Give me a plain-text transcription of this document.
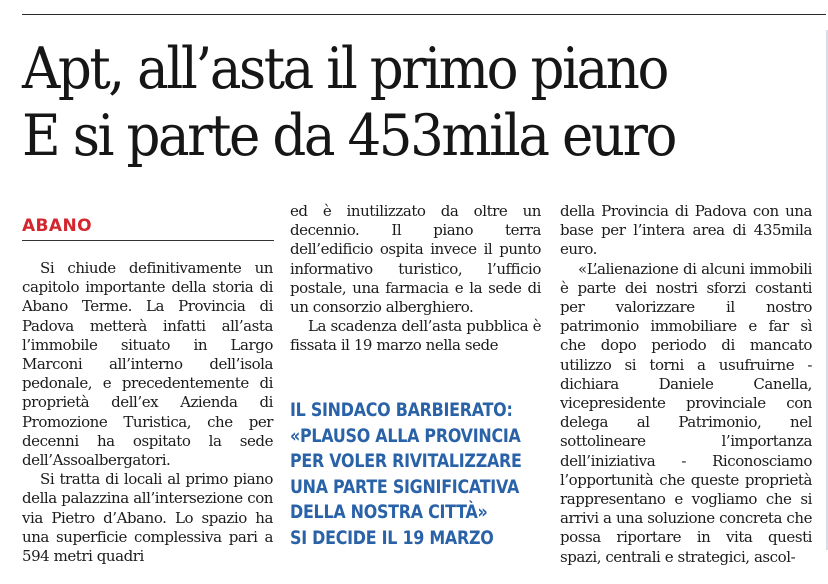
Apt, all’asta il primo piano
E si parte da 453mila euro
ABANO

Si chiude definitivamente un capitolo importante della storia di Abano Terme. La Provincia di Padova metterà infatti all’asta l’immobile situato in Largo Marconi all’interno dell’isola pedonale, e precedentemente di proprietà dell’ex Azienda di Promozione Turistica, che per decenni ha ospitato la sede dell’Assoalbergatori.

Si tratta di locali al primo piano della palazzina all’intersezione con via Pietro d’Abano. Lo spazio ha una superficie complessiva pari a 594 metri quadri

ed è inutilizzato da oltre un decennio. Il piano terra dell’edificio ospita invece il punto informativo turistico, l’ufficio postale, una farmacia e la sede di un consorzio alberghiero.

La scadenza dell’asta pubblica è fissata il 19 marzo nella sede

IL SINDACO BARBIERATO:
«PLAUSO ALLA PROVINCIA
PER VOLER RIVITALIZZARE
UNA PARTE SIGNIFICATIVA
DELLA NOSTRA CITTÀ»
SI DECIDE IL 19 MARZO

della Provincia di Padova con una base per l’intera area di 435mila euro.

«L’alienazione di alcuni immobili è parte dei nostri sforzi costanti per valorizzare il nostro patrimonio immobiliare e far sì che dopo periodo di mancato utilizzo si torni a usufruirne - dichiara Daniele Canella, vicepresidente provinciale con delega al Patrimonio, nel sottolineare l’importanza dell’iniziativa - Riconosciamo l’opportunità che queste proprietà rappresentano e vogliamo che si arrivi a una soluzione concreta che possa riportare in vita questi spazi, centrali e strategici, ascol-
